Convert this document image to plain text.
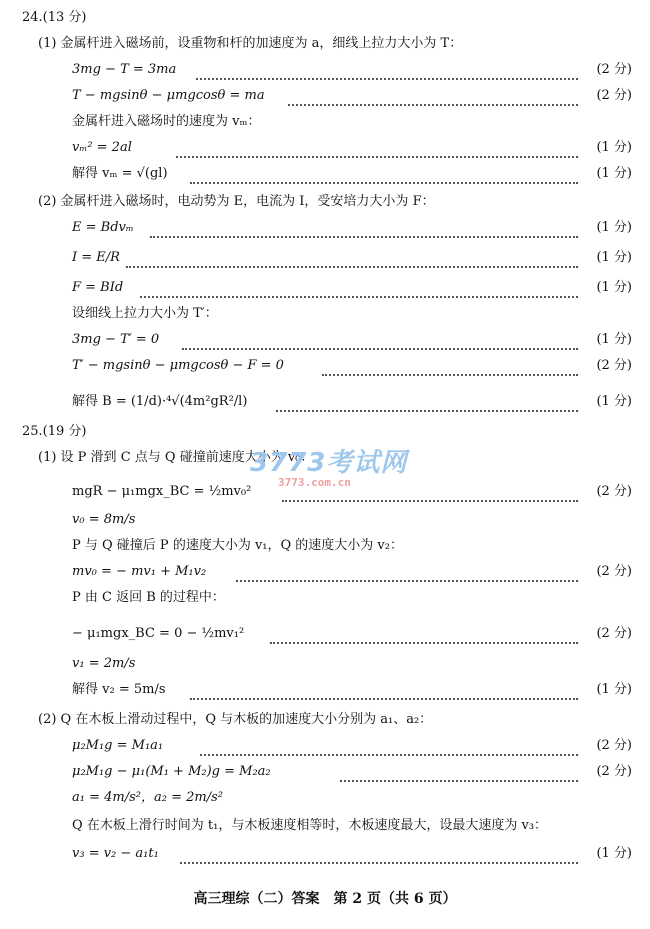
24.(13 分)
(1) 金属杆进入磁场前，设重物和杆的加速度为 a，细线上拉力大小为 T：
3mg − T = 3ma	(2 分)
T − mgsinθ − μmgcosθ = ma	(2 分)
金属杆进入磁场时的速度为 vₘ：
vₘ² = 2al	(1 分)
解得 vₘ = √(gl)	(1 分)
(2) 金属杆进入磁场时，电动势为 E，电流为 I，受安培力大小为 F：
E = Bdvₘ	(1 分)
I = E/R	(1 分)
F = BId	(1 分)
设细线上拉力大小为 T′：
3mg − T′ = 0	(1 分)
T′ − mgsinθ − μmgcosθ − F = 0	(2 分)
解得 B = (1/d)·⁴√(4m²gR²/l)	(1 分)
25.(19 分)
(1) 设 P 滑到 C 点与 Q 碰撞前速度大小为 v₀：
3773考试网
3773.com.cn
mgR − μ₁mgx_BC = ½mv₀²	(2 分)
v₀ = 8m/s
P 与 Q 碰撞后 P 的速度大小为 v₁，Q 的速度大小为 v₂：
mv₀ = − mv₁ + M₁v₂	(2 分)
P 由 C 返回 B 的过程中：
− μ₁mgx_BC = 0 − ½mv₁²	(2 分)
v₁ = 2m/s
解得 v₂ = 5m/s	(1 分)
(2) Q 在木板上滑动过程中，Q 与木板的加速度大小分别为 a₁、a₂：
μ₂M₁g = M₁a₁	(2 分)
μ₂M₁g − μ₁(M₁ + M₂)g = M₂a₂	(2 分)
a₁ = 4m/s²，a₂ = 2m/s²
Q 在木板上滑行时间为 t₁，与木板速度相等时，木板速度最大，设最大速度为 v₃：
v₃ = v₂ − a₁t₁	(1 分)
高三理综（二）答案　第 2 页（共 6 页）
